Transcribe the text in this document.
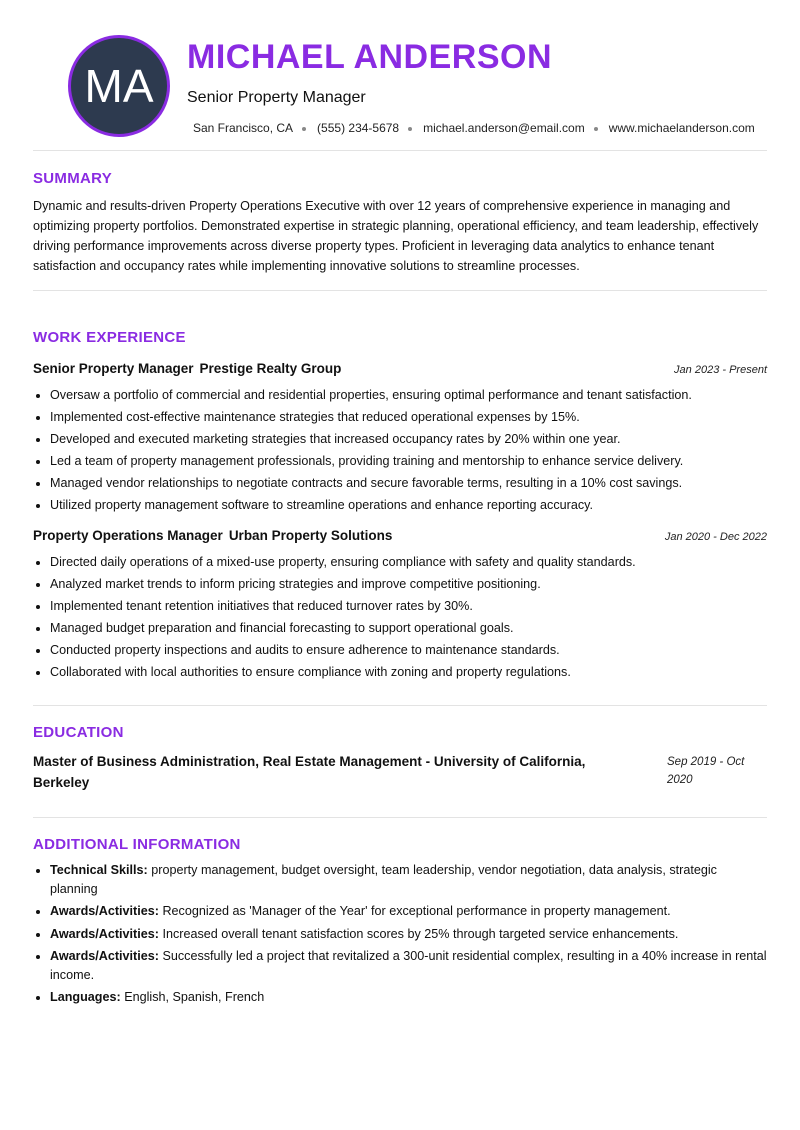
MA
MICHAEL ANDERSON
Senior Property Manager
San Francisco, CA (555) 234-5678 michael.anderson@email.com www.michaelanderson.com
SUMMARY

Dynamic and results-driven Property Operations Executive with over 12 years of comprehensive experience in managing and optimizing property portfolios. Demonstrated expertise in strategic planning, operational efficiency, and team leadership, effectively driving performance improvements across diverse property types. Proficient in leveraging data analytics to enhance tenant satisfaction and occupancy rates while implementing innovative solutions to streamline processes.

WORK EXPERIENCE
Senior Property Manager Prestige Realty Group	Jan 2023 - Present
• Oversaw a portfolio of commercial and residential properties, ensuring optimal performance and tenant satisfaction.
• Implemented cost-effective maintenance strategies that reduced operational expenses by 15%.
• Developed and executed marketing strategies that increased occupancy rates by 20% within one year.
• Led a team of property management professionals, providing training and mentorship to enhance service delivery.
• Managed vendor relationships to negotiate contracts and secure favorable terms, resulting in a 10% cost savings.
• Utilized property management software to streamline operations and enhance reporting accuracy.
Property Operations Manager Urban Property Solutions	Jan 2020 - Dec 2022
• Directed daily operations of a mixed-use property, ensuring compliance with safety and quality standards.
• Analyzed market trends to inform pricing strategies and improve competitive positioning.
• Implemented tenant retention initiatives that reduced turnover rates by 30%.
• Managed budget preparation and financial forecasting to support operational goals.
• Conducted property inspections and audits to ensure adherence to maintenance standards.
• Collaborated with local authorities to ensure compliance with zoning and property regulations.
EDUCATION
Master of Business Administration, Real Estate Management - University of California, Berkeley
Sep 2019 - Oct 2020
ADDITIONAL INFORMATION
• Technical Skills: property management, budget oversight, team leadership, vendor negotiation, data analysis, strategic planning
• Awards/Activities: Recognized as 'Manager of the Year' for exceptional performance in property management.
• Awards/Activities: Increased overall tenant satisfaction scores by 25% through targeted service enhancements.
• Awards/Activities: Successfully led a project that revitalized a 300-unit residential complex, resulting in a 40% increase in rental income.
• Languages: English, Spanish, French
